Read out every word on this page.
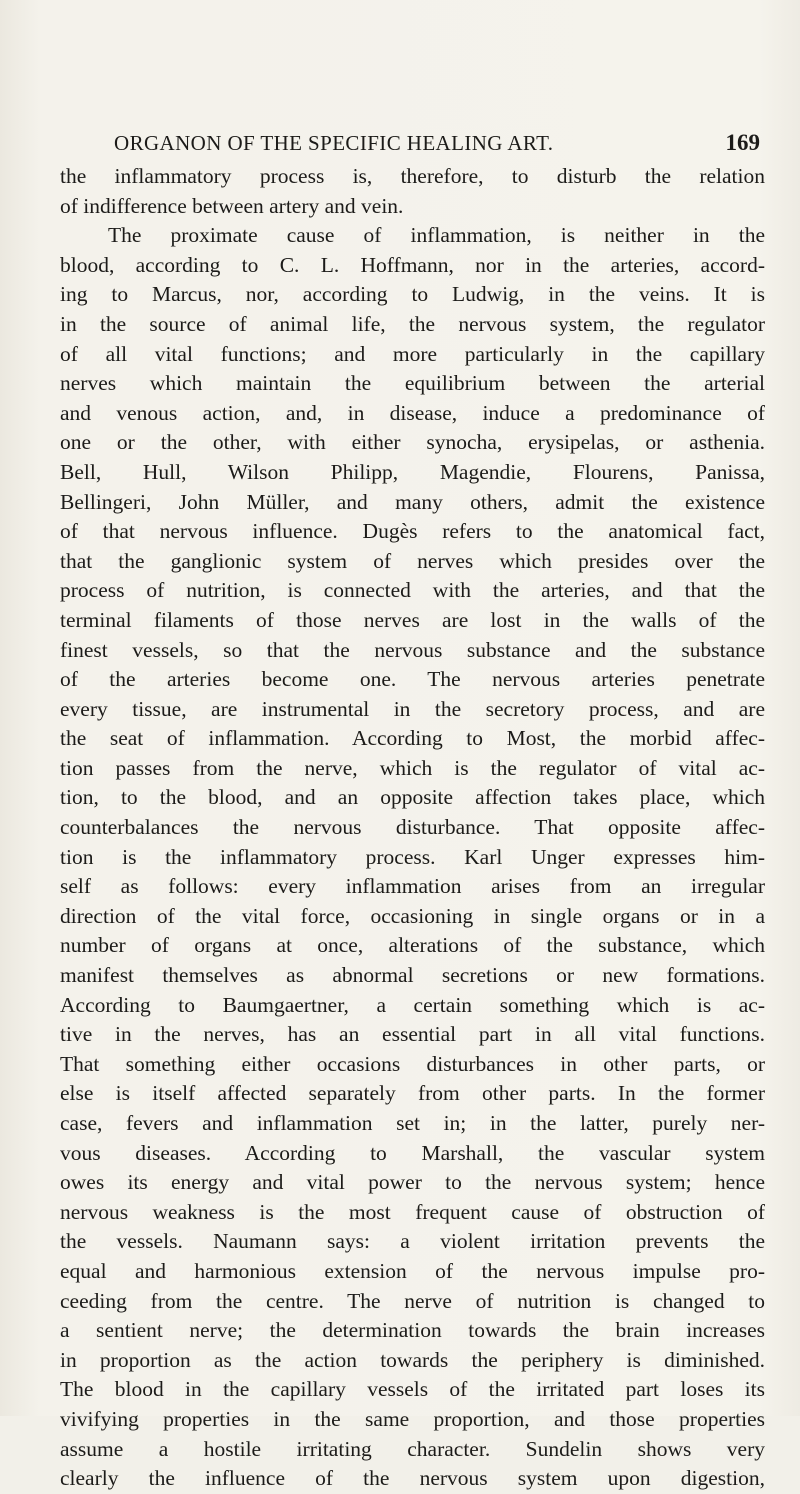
ORGANON OF THE SPECIFIC HEALING ART.	169
the inflammatory process is, therefore, to disturb the relation
of indifference between artery and vein.
The proximate cause of inflammation, is neither in the
blood, according to C. L. Hoffmann, nor in the arteries, accord-
ing to Marcus, nor, according to Ludwig, in the veins. It is
in the source of animal life, the nervous system, the regulator
of all vital functions; and more particularly in the capillary
nerves which maintain the equilibrium between the arterial
and venous action, and, in disease, induce a predominance of
one or the other, with either synocha, erysipelas, or asthenia.
Bell, Hull, Wilson Philipp, Magendie, Flourens, Panissa,
Bellingeri, John Müller, and many others, admit the existence
of that nervous influence. Dugès refers to the anatomical fact,
that the ganglionic system of nerves which presides over the
process of nutrition, is connected with the arteries, and that the
terminal filaments of those nerves are lost in the walls of the
finest vessels, so that the nervous substance and the substance
of the arteries become one. The nervous arteries penetrate
every tissue, are instrumental in the secretory process, and are
the seat of inflammation. According to Most, the morbid affec-
tion passes from the nerve, which is the regulator of vital ac-
tion, to the blood, and an opposite affection takes place, which
counterbalances the nervous disturbance. That opposite affec-
tion is the inflammatory process. Karl Unger expresses him-
self as follows: every inflammation arises from an irregular
direction of the vital force, occasioning in single organs or in a
number of organs at once, alterations of the substance, which
manifest themselves as abnormal secretions or new formations.
According to Baumgaertner, a certain something which is ac-
tive in the nerves, has an essential part in all vital functions.
That something either occasions disturbances in other parts, or
else is itself affected separately from other parts. In the former
case, fevers and inflammation set in; in the latter, purely ner-
vous diseases. According to Marshall, the vascular system
owes its energy and vital power to the nervous system; hence
nervous weakness is the most frequent cause of obstruction of
the vessels. Naumann says: a violent irritation prevents the
equal and harmonious extension of the nervous impulse pro-
ceeding from the centre. The nerve of nutrition is changed to
a sentient nerve; the determination towards the brain increases
in proportion as the action towards the periphery is diminished.
The blood in the capillary vessels of the irritated part loses its
vivifying properties in the same proportion, and those properties
assume a hostile irritating character. Sundelin shows very
clearly the influence of the nervous system upon digestion,
